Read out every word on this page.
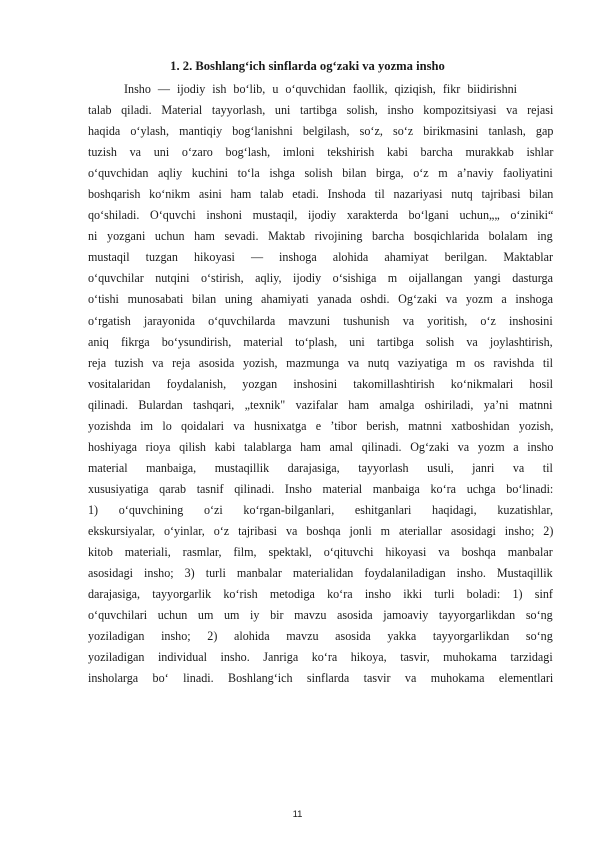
1. 2. Boshlang‘ich sinflarda og‘zaki va yozma insho
Insho — ijodiy ish bo‘lib, u o‘quvchidan faollik, qiziqish, fikr biidirishni
talab qiladi. Material tayyorlash, uni tartibga solish, insho kompozitsiyasi va rejasi
haqida o‘ylash, mantiqiy bog‘lanishni belgilash, so‘z, so‘z birikmasini tanlash, gap
tuzish va uni o‘zaro bog‘lash, imloni tekshirish kabi barcha murakkab ishlar
o‘quvchidan aqliy kuchini to‘la ishga solish bilan birga, o‘z m a’naviy faoliyatini
boshqarish ko‘nikm asini ham talab etadi. Inshoda til nazariyasi nutq tajribasi bilan
qo‘shiladi. O‘quvchi inshoni mustaqil, ijodiy xarakterda bo‘lgani uchun„„ o‘ziniki“
ni yozgani uchun ham sevadi. Maktab rivojining barcha bosqichlarida bolalam ing
mustaqil tuzgan hikoyasi — inshoga alohida ahamiyat berilgan. Maktablar
o‘quvchilar nutqini o‘stirish, aqliy, ijodiy o‘sishiga m oijallangan yangi dasturga
o‘tishi munosabati bilan uning ahamiyati yanada oshdi. Og‘zaki va yozm a inshoga
o‘rgatish jarayonida o‘quvchilarda mavzuni tushunish va yoritish, o‘z inshosini
aniq fikrga bo‘ysundirish, material to‘plash, uni tartibga solish va joylashtirish,
reja tuzish va reja asosida yozish, mazmunga va nutq vaziyatiga m os ravishda til
vositalaridan foydalanish, yozgan inshosini takomillashtirish ko‘nikmalari hosil
qilinadi. Bulardan tashqari, „texnik" vazifalar ham amalga oshiriladi, ya’ni matnni
yozishda im lo qoidalari va husnixatga e ’tibor berish, matnni xatboshidan yozish,
hoshiyaga rioya qilish kabi talablarga ham amal qilinadi. Og‘zaki va yozm a insho
material manbaiga, mustaqillik darajasiga, tayyorlash usuli, janri va til
xususiyatiga qarab tasnif qilinadi. Insho material manbaiga ko‘ra uchga bo‘linadi:
1) o‘quvchining o‘zi ko‘rgan-bilganlari, eshitganlari haqidagi, kuzatishlar,
ekskursiyalar, o‘yinlar, o‘z tajribasi va boshqa jonli m ateriallar asosidagi insho; 2)
kitob materiali, rasmlar, film, spektakl, o‘qituvchi hikoyasi va boshqa manbalar
asosidagi insho; 3) turli manbalar materialidan foydalaniladigan insho. Mustaqillik
darajasiga, tayyorgarlik ko‘rish metodiga ko‘ra insho ikki turli boladi: 1) sinf
o‘quvchilari uchun um um iy bir mavzu asosida jamoaviy tayyorgarlikdan so‘ng
yoziladigan insho; 2) alohida mavzu asosida yakka tayyorgarlikdan so‘ng
yoziladigan individual insho. Janriga ko‘ra hikoya, tasvir, muhokama tarzidagi
insholarga bo‘ linadi. Boshlang‘ich sinflarda tasvir va muhokama elementlari
11
